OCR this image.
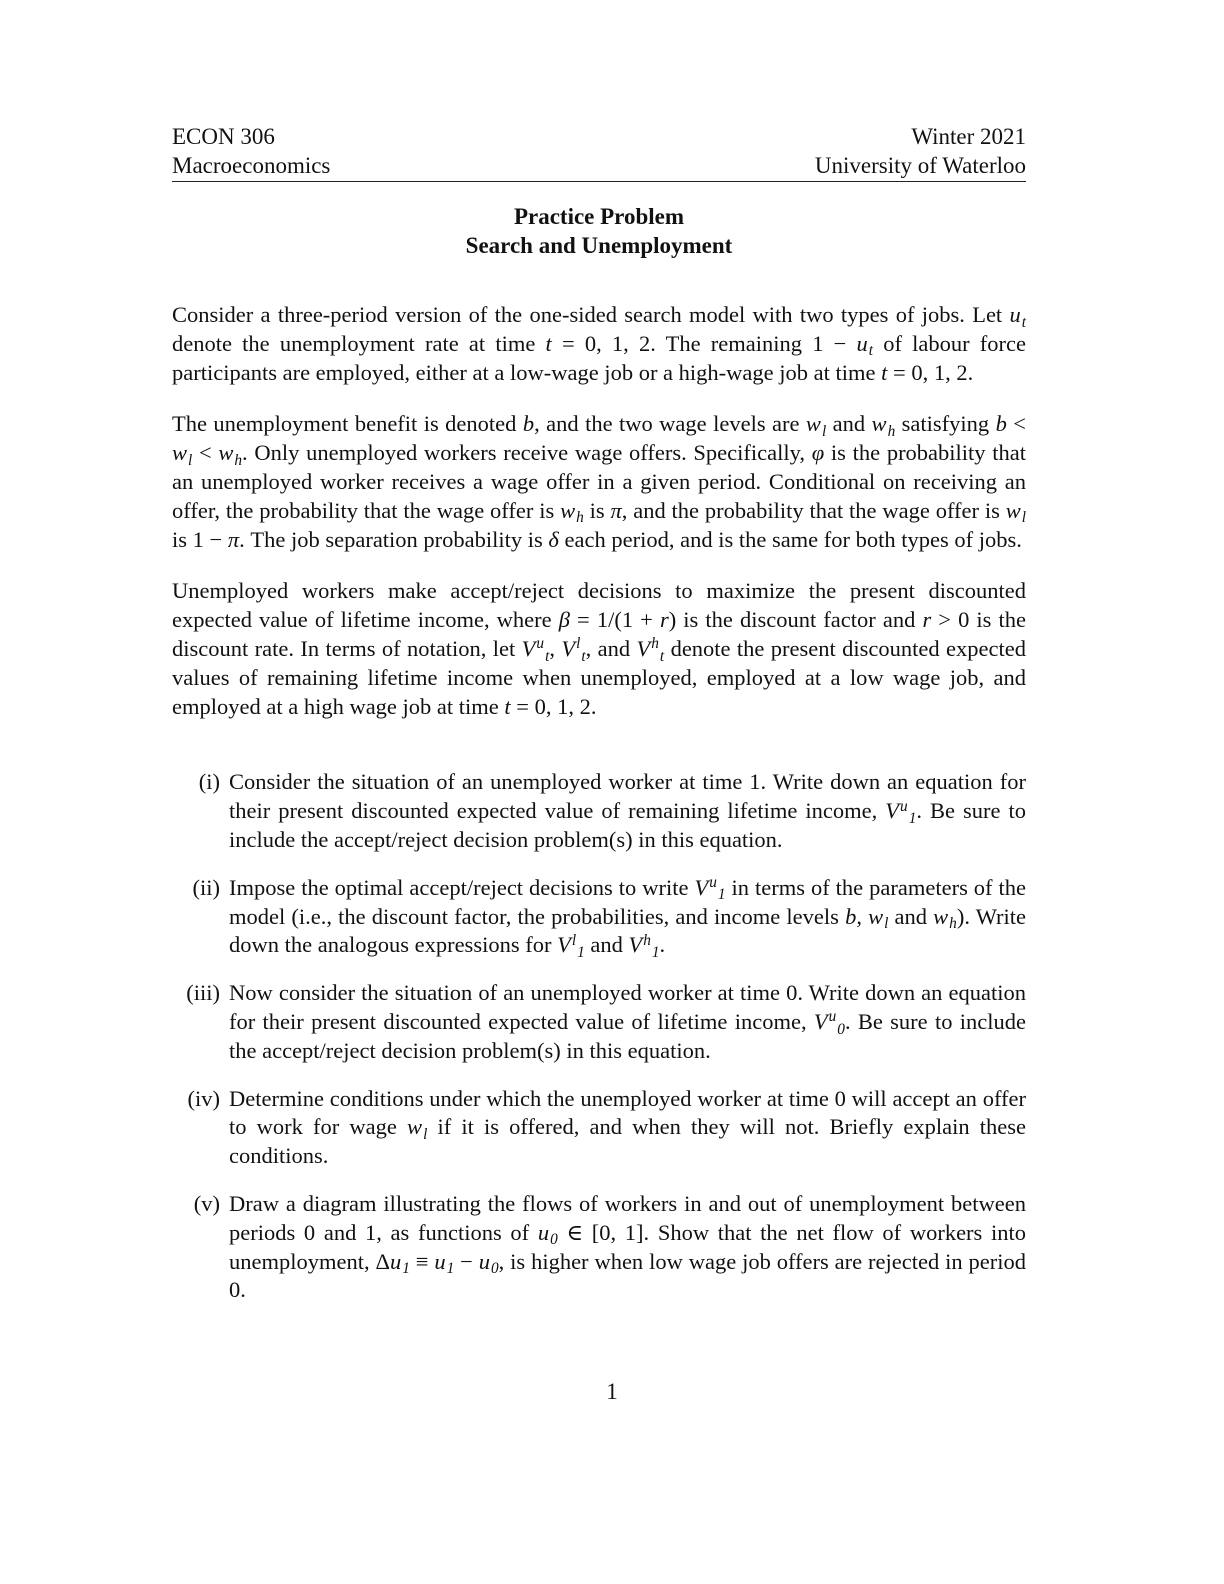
ECON 306
Macroeconomics
Winter 2021
University of Waterloo
Practice Problem
Search and Unemployment

Consider a three-period version of the one-sided search model with two types of jobs. Let $u_t$ denote the unemployment rate at time t = 0, 1, 2. The remaining $1 - u_t$ of labour force participants are employed, either at a low-wage job or a high-wage job at time t = 0, 1, 2.

The unemployment benefit is denoted b, and the two wage levels are $w_l$ and $w_h$ satisfying $b < w_l < w_h$. Only unemployed workers receive wage offers. Specifically, φ is the probability that an unemployed worker receives a wage offer in a given period. Conditional on receiving an offer, the probability that the wage offer is $w_h$ is π, and the probability that the wage offer is $w_l$ is 1 − π. The job separation probability is δ each period, and is the same for both types of jobs.

Unemployed workers make accept/reject decisions to maximize the present discounted expected value of lifetime income, where β = 1/(1 + r) is the discount factor and r > 0 is the discount rate. In terms of notation, let $V^u_t$, $V^l_t$, and $V^h_t$ denote the present discounted expected values of remaining lifetime income when unemployed, employed at a low wage job, and employed at a high wage job at time t = 0, 1, 2.

(i) Consider the situation of an unemployed worker at time 1. Write down an equation for their present discounted expected value of remaining lifetime income, $V^u_1$. Be sure to include the accept/reject decision problem(s) in this equation.
(ii) Impose the optimal accept/reject decisions to write $V^u_1$ in terms of the parameters of the model (i.e., the discount factor, the probabilities, and income levels b, $w_l$ and $w_h$). Write down the analogous expressions for $V^l_1$ and $V^h_1$.
(iii) Now consider the situation of an unemployed worker at time 0. Write down an equation for their present discounted expected value of lifetime income, $V^u_0$. Be sure to include the accept/reject decision problem(s) in this equation.
(iv) Determine conditions under which the unemployed worker at time 0 will accept an offer to work for wage $w_l$ if it is offered, and when they will not. Briefly explain these conditions.
(v) Draw a diagram illustrating the flows of workers in and out of unemployment between periods 0 and 1, as functions of $u_0$ ∈ [0, 1]. Show that the net flow of workers into unemployment, $\Delta u_1 \equiv u_1 - u_0$, is higher when low wage job offers are rejected in period 0.
1
